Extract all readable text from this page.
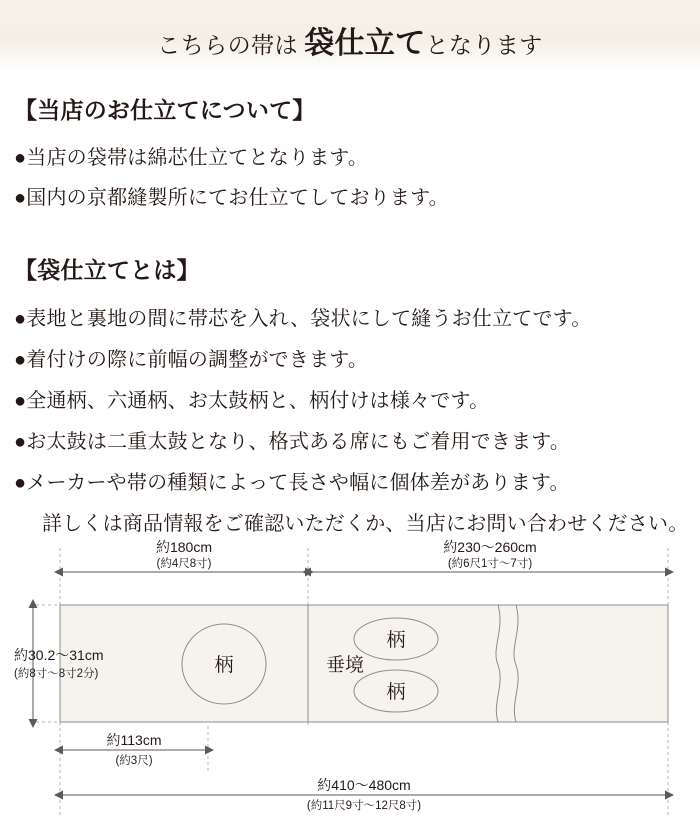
こちらの帯は 袋仕立てとなります

【当店のお仕立てについて】

●当店の袋帯は綿芯仕立てとなります。

●国内の京都縫製所にてお仕立てしております。

【袋仕立てとは】

●表地と裏地の間に帯芯を入れ、袋状にして縫うお仕立てです。

●着付けの際に前幅の調整ができます。

●全通柄、六通柄、お太鼓柄と、柄付けは様々です。

●お太鼓は二重太鼓となり、格式ある席にもご着用できます。

●メーカーや帯の種類によって長さや幅に個体差があります。

詳しくは商品情報をご確認いただくか、当店にお問い合わせください。

約180cm
(約4尺8寸)
約230〜260cm
(約6尺1寸〜7寸)
柄	垂境
柄
柄
約30.2〜31cm
(約8寸〜8寸2分)
約113cm
(約3尺)
約410〜480cm
(約11尺9寸〜12尺8寸)
